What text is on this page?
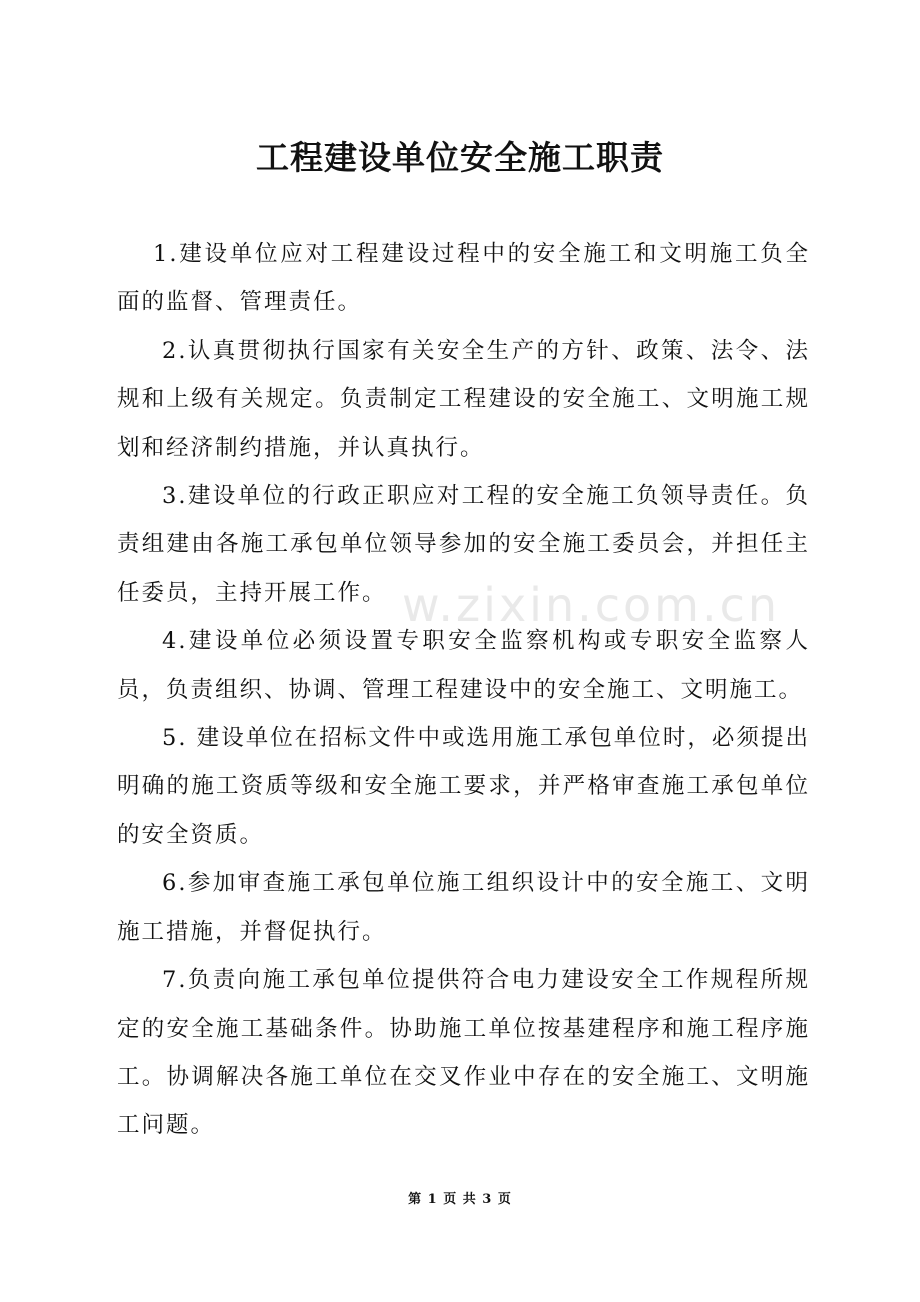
w.zixin.com.cn
工程建设单位安全施工职责

1.建设单位应对工程建设过程中的安全施工和文明施工负全面的监督、管理责任。

2.认真贯彻执行国家有关安全生产的方针、政策、法令、法规和上级有关规定。负责制定工程建设的安全施工、文明施工规划和经济制约措施，并认真执行。

3.建设单位的行政正职应对工程的安全施工负领导责任。负责组建由各施工承包单位领导参加的安全施工委员会，并担任主任委员，主持开展工作。

4.建设单位必须设置专职安全监察机构或专职安全监察人员，负责组织、协调、管理工程建设中的安全施工、文明施工。

5. 建设单位在招标文件中或选用施工承包单位时，必须提出明确的施工资质等级和安全施工要求，并严格审查施工承包单位的安全资质。

6.参加审查施工承包单位施工组织设计中的安全施工、文明施工措施，并督促执行。

7.负责向施工承包单位提供符合电力建设安全工作规程所规定的安全施工基础条件。协助施工单位按基建程序和施工程序施工。协调解决各施工单位在交叉作业中存在的安全施工、文明施工问题。

第 1 页 共 3 页
